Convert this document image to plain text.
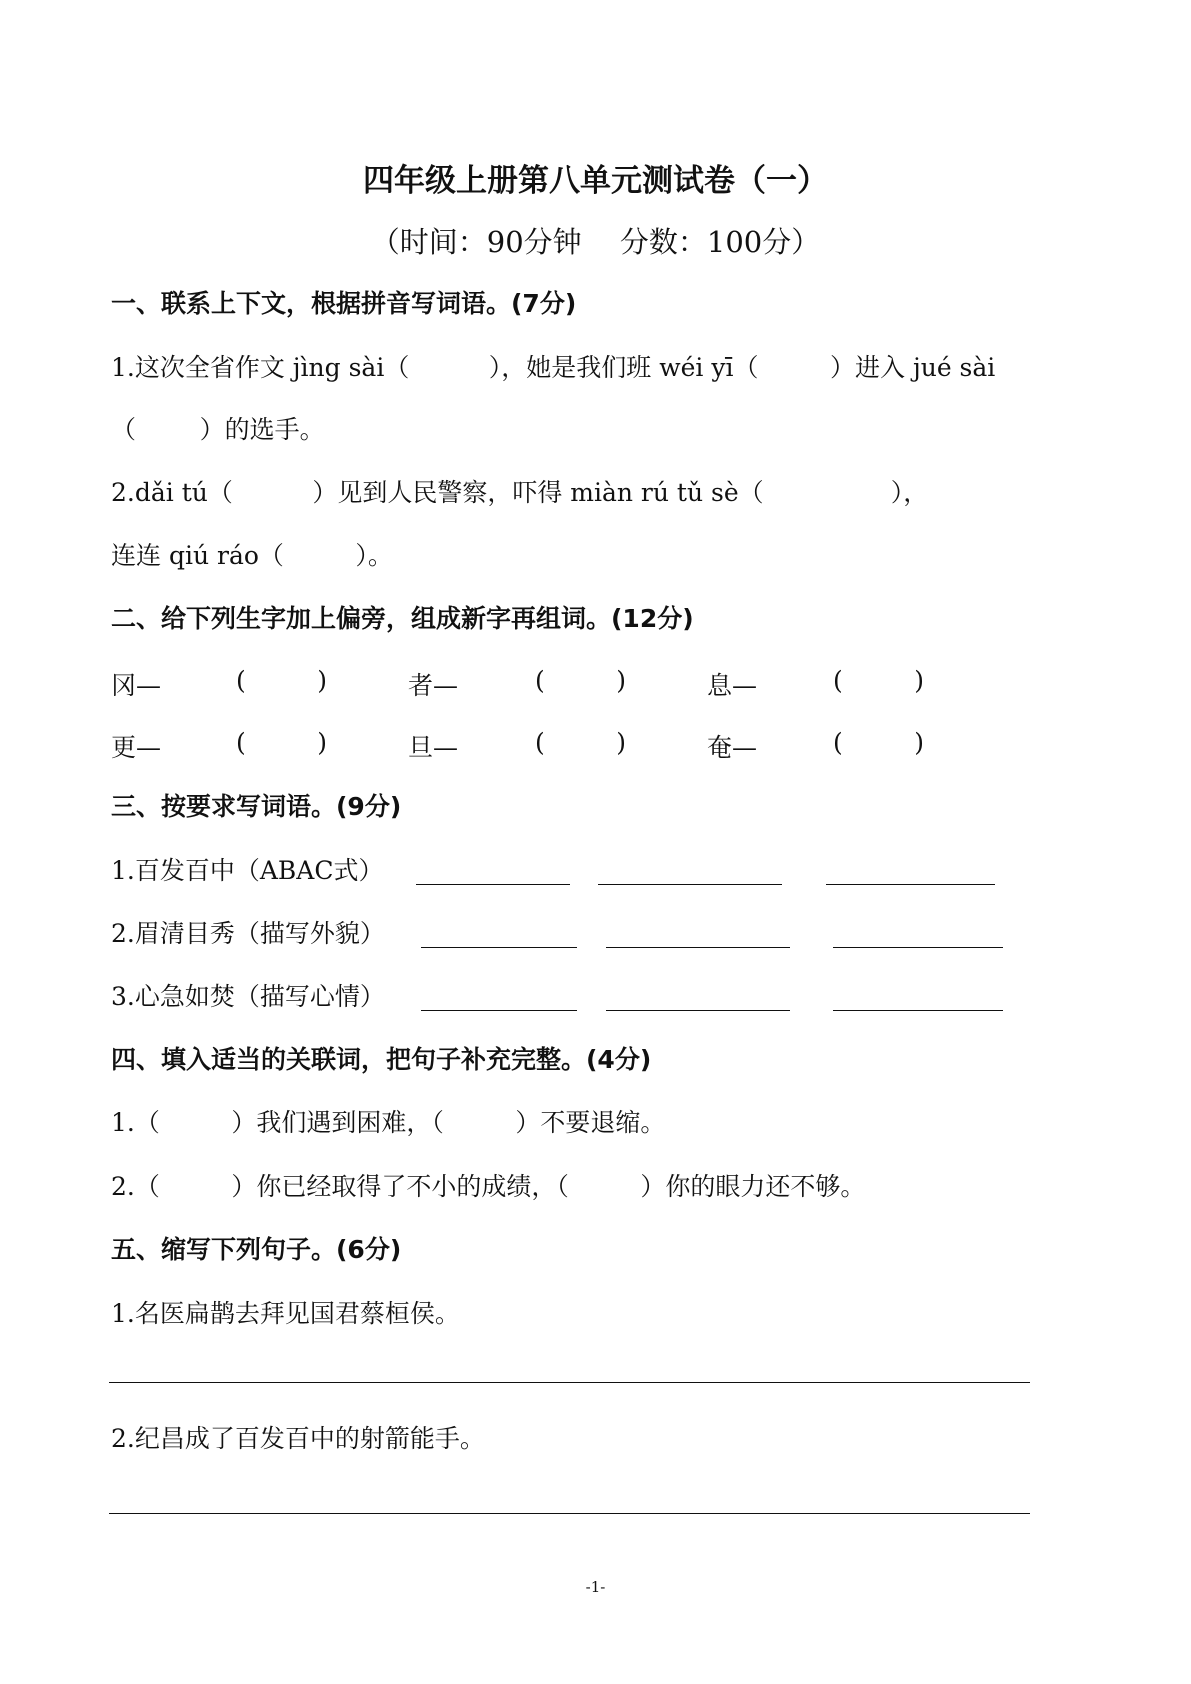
四年级上册第八单元测试卷（一）
（时间：90分钟　 分数：100分）
一、联系上下文，根据拼音写词语。(7分)
1.这次全省作文 jìng sài（          ），她是我们班 wéi yī（         ）进入 jué sài
（        ）的选手。
2.dǎi tú（          ）见到人民警察，吓得 miàn rú tǔ sè（                ），
连连 qiú ráo（         ）。
二、给下列生字加上偏旁，组成新字再组词。(12分)
冈—	(         )	者—	(         )	息—	(         )
更—	(         )	旦—	(         )	奄—	(         )
三、按要求写词语。(9分)
1.百发百中（ABAC式）
2.眉清目秀（描写外貌）
3.心急如焚（描写心情）
四、填入适当的关联词，把句子补充完整。(4分)
1.（         ）我们遇到困难，（         ）不要退缩。
2.（         ）你已经取得了不小的成绩，（         ）你的眼力还不够。
五、缩写下列句子。(6分)
1.名医扁鹊去拜见国君蔡桓侯。
2.纪昌成了百发百中的射箭能手。
-1-
